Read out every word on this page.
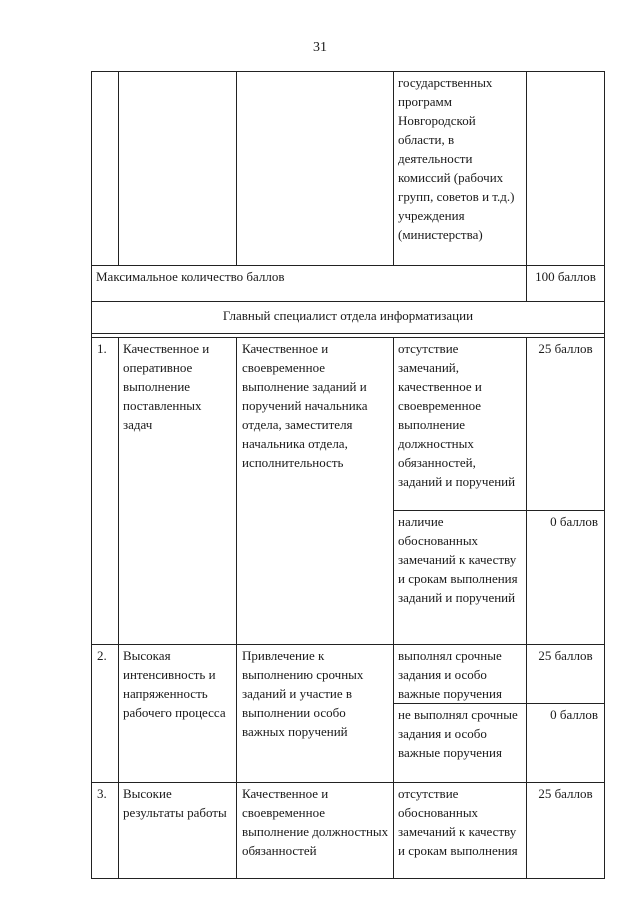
31
			государственных программ Новгородской области, в деятельности комиссий (рабочих групп, советов и т.д.) учреждения (министерства)	
Максимальное количество баллов				100 баллов
Главный специалист отдела информатизации				

1.	Качественное и оперативное выполнение поставленных задач	Качественное и своевременное выполнение заданий и поручений начальника отдела, заместителя начальника отдела, исполнительность	отсутствие замечаний, качественное и своевременное выполнение должностных обязанностей, заданий и поручений	25 баллов
			наличие обоснованных замечаний к качеству и срокам выполнения заданий и поручений	0 баллов
2.	Высокая интенсивность и напряженность рабочего процесса	Привлечение к выполнению срочных заданий и участие в выполнении особо важных поручений	выполнял срочные задания и особо важные поручения	25 баллов
			не выполнял срочные задания и особо важные поручения	0 баллов
3.	Высокие результаты работы	Качественное и своевременное выполнение должностных обязанностей	отсутствие обоснованных замечаний к качеству и срокам выполнения	25 баллов
